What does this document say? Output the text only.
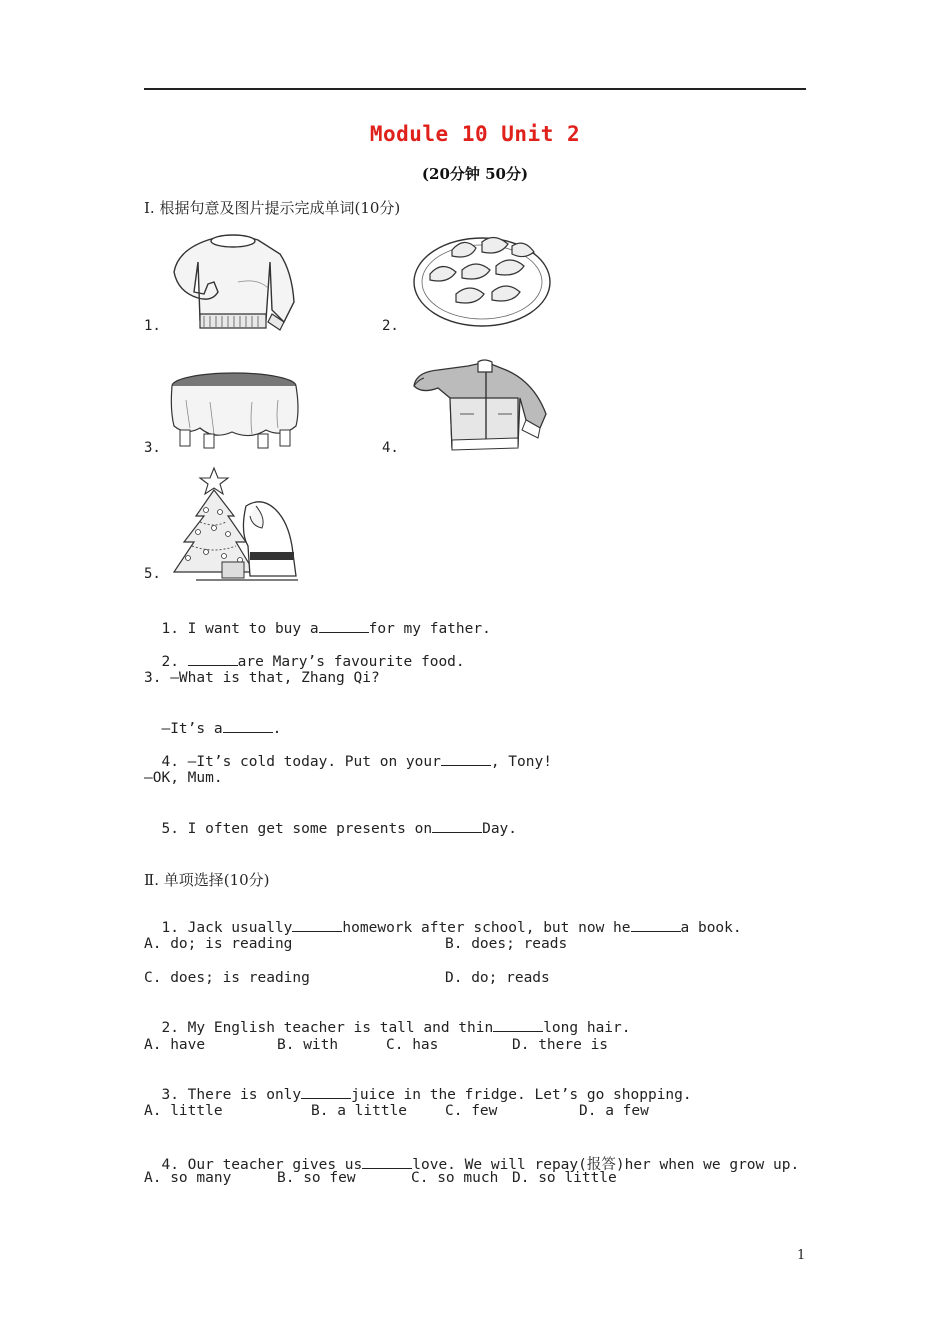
Module 10 Unit 2
(20分钟 50分)
Ⅰ. 根据句意及图片提示完成单词(10分)
1.	2.
3.	4.
5.

1. I want to buy a	for my father.

2.	are Mary’s favourite food.

3. —What is that, Zhang Qi?

—It’s a	.

4. —It’s cold today. Put on your	, Tony!

—OK, Mum.

5. I often get some presents on	Day.

Ⅱ. 单项选择(10分)

1. Jack usually	homework after school, but now he	a book.

A. do; is reading	B. does; reads
C. does; is reading	D. do; reads

2. My English teacher is tall and thin	long hair.

A. have	B. with	C. has	D. there is

3. There is only	juice in the fridge. Let’s go shopping.

A. little	B. a little	C. few	D. a few

4. Our teacher gives us	love. We will repay(报答)her when we grow up.

A. so many	B. so few	C. so much D. so little
1
